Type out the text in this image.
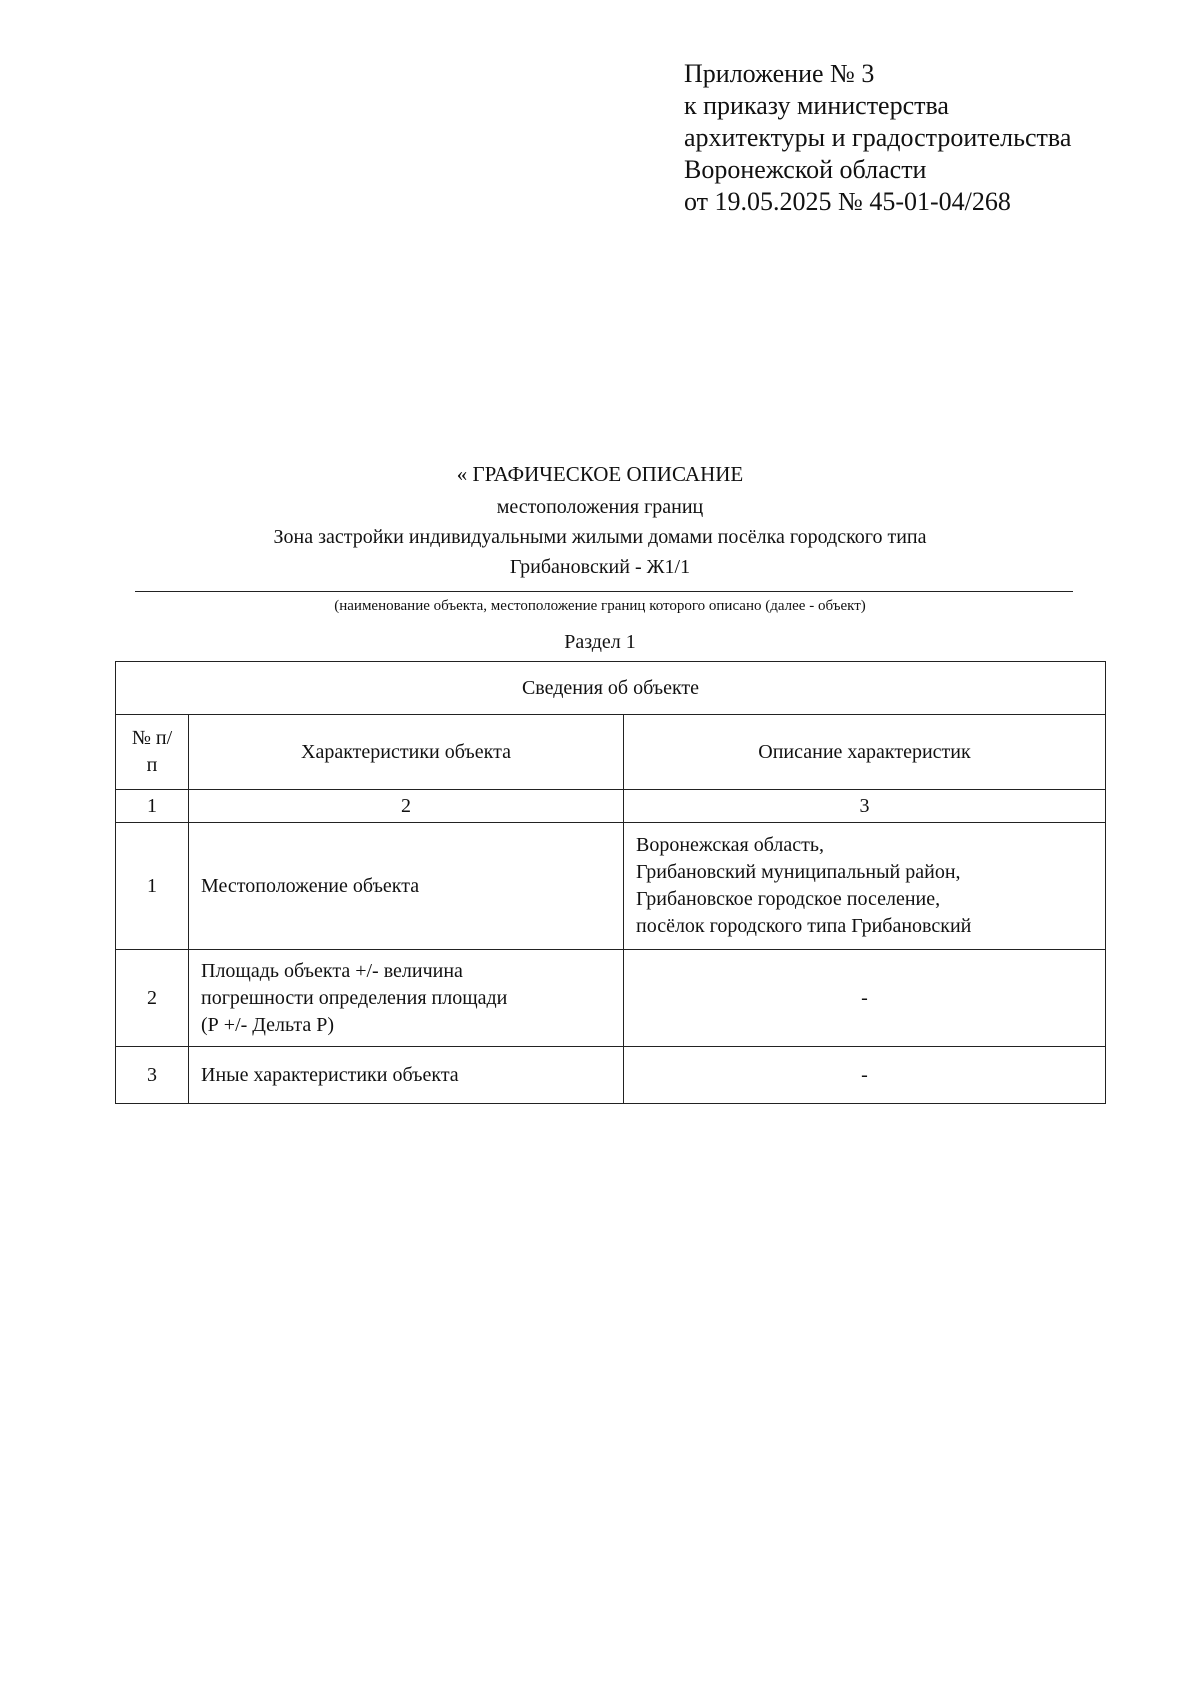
Приложение № 3
к приказу министерства
архитектуры и градостроительства
Воронежской области
от 19.05.2025 № 45-01-04/268
« ГРАФИЧЕСКОЕ ОПИСАНИЕ
местоположения границ
Зона застройки индивидуальными жилыми домами посёлка городского типа
Грибановский - Ж1/1
(наименование объекта, местоположение границ которого описано (далее - объект)
Раздел 1
Сведения об объекте		
№ п/п	Характеристики объекта	Описание характеристик
1	2	3
1	Местоположение объекта	Воронежская область,
Грибановский муниципальный район,
Грибановское городское поселение,
посёлок городского типа Грибановский

2	Площадь объекта +/- величина
погрешности определения площади
(Р +/- Дельта Р)	-

3	Иные характеристики объекта	-
